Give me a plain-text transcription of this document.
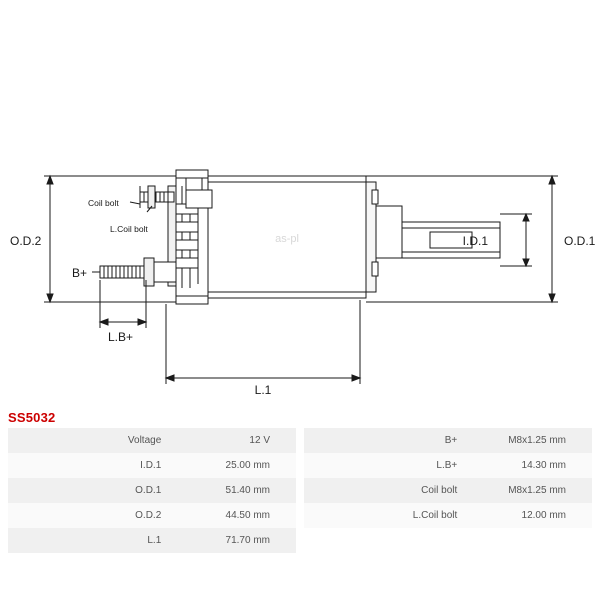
as-pl
O.D.2	O.D.1
I.D.1
L.1
L.B+
B+
Coil bolt
L.Coil bolt
SS5032
Voltage	12 V
I.D.1	25.00 mm
O.D.1	51.40 mm
O.D.2	44.50 mm
L.1	71.70 mm
B+	M8x1.25 mm
L.B+	14.30 mm
Coil bolt	M8x1.25 mm
L.Coil bolt	12.00 mm
